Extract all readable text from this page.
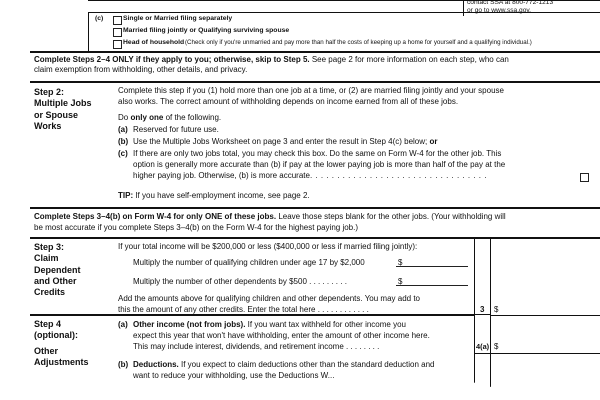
contact SSA at 800-772-1213
or go to www.ssa.gov.
(c)	Single or Married filing separately
Married filing jointly or Qualifying surviving spouse
Head of household (Check only if you're unmarried and pay more than half the costs of keeping up a home for yourself and a qualifying individual.)
Complete Steps 2–4 ONLY if they apply to you; otherwise, skip to Step 5. See page 2 for more information on each step, who can
claim exemption from withholding, other details, and privacy.
Step 2:
Multiple Jobs
or Spouse
Works
Complete this step if you (1) hold more than one job at a time, or (2) are married filing jointly and your spouse
also works. The correct amount of withholding depends on income earned from all of these jobs.
Do only one of the following.
(a) Reserved for future use.
(b) Use the Multiple Jobs Worksheet on page 3 and enter the result in Step 4(c) below; or
(c) If there are only two jobs total, you may check this box. Do the same on Form W-4 for the other job. This
option is generally more accurate than (b) if pay at the lower paying job is more than half of the pay at the
higher paying job. Otherwise, (b) is more accurate. . . . . . . . . . . . . . . . . . . . . . . . . . . . . . . . .
TIP: If you have self-employment income, see page 2.
Complete Steps 3–4(b) on Form W-4 for only ONE of these jobs. Leave those steps blank for the other jobs. (Your withholding will
be most accurate if you complete Steps 3–4(b) on the Form W-4 for the highest paying job.)
Step 3:
Claim
Dependent
and Other
Credits
If your total income will be $200,000 or less ($400,000 or less if married filing jointly):
Multiply the number of qualifying children under age 17 by $2,000	$
Multiply the number of other dependents by $500 . . . . . . . . .	$
Add the amounts above for qualifying children and other dependents. You may add to
this the amount of any other credits. Enter the total here . . . . . . . . . . . .	3 $
Step 4
(optional):
Other
Adjustments
(a) Other income (not from jobs). If you want tax withheld for other income you
expect this year that won't have withholding, enter the amount of other income here.
This may include interest, dividends, and retirement income . . . . . . . .	4(a) $
(b) Deductions. If you expect to claim deductions other than the standard deduction and
want to reduce your withholding, use the Deductions W...
